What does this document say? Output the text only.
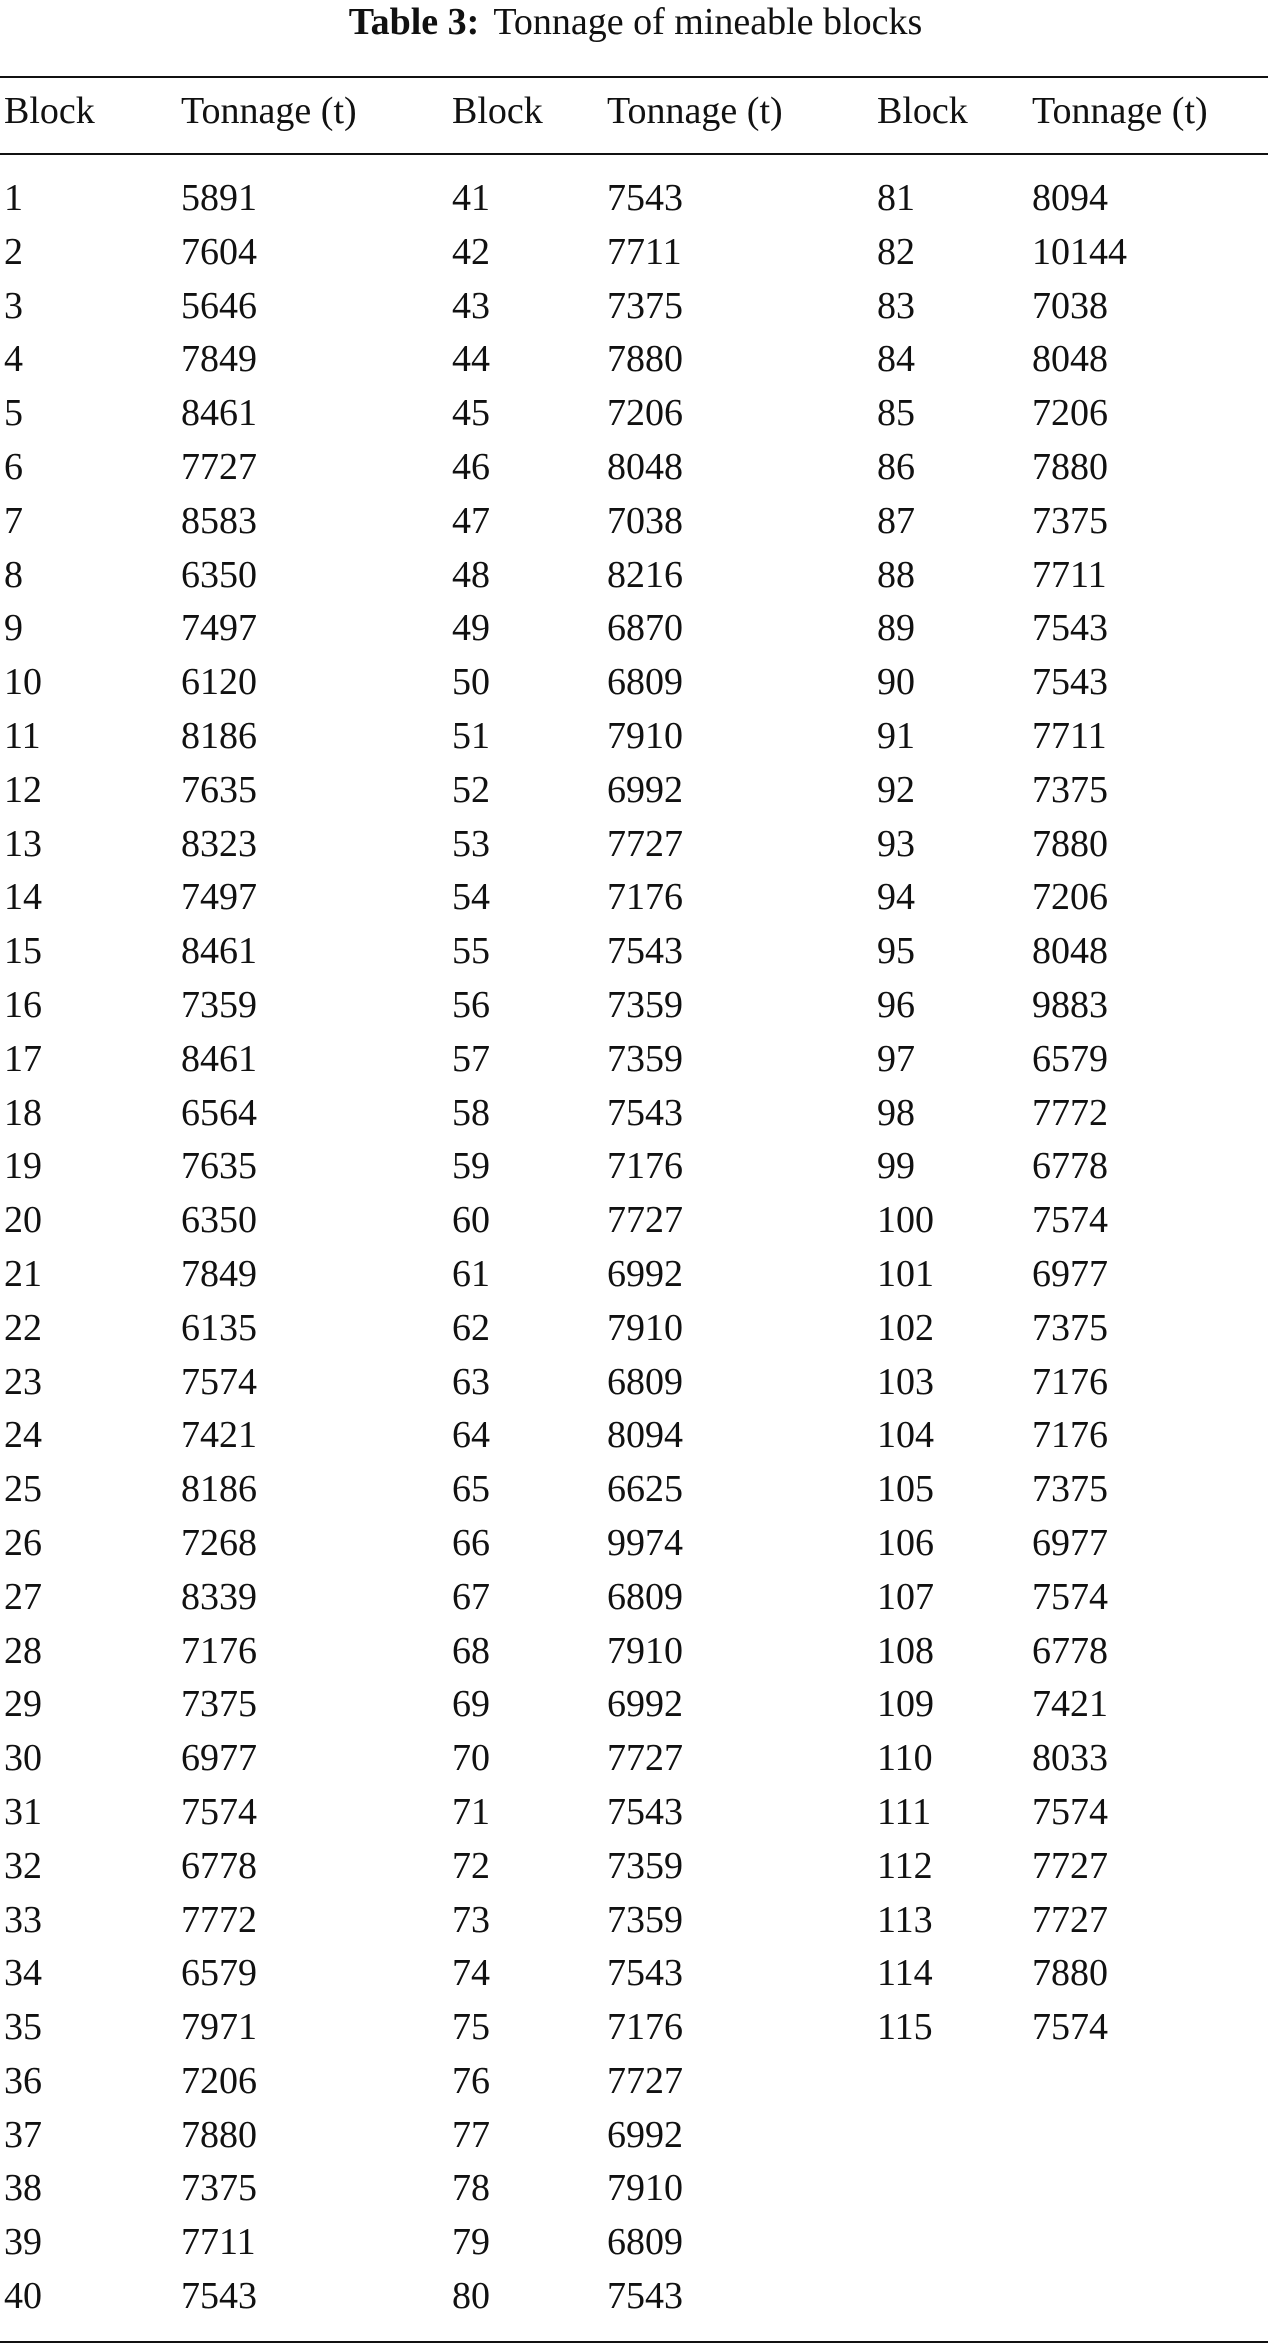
Table 3: Tonnage of mineable blocks
Block Tonnage (t)	Block Tonnage (t) Block Tonnage (t)
1	5891	41	7543	81	8094
2	7604	42	7711	82	10144
3	5646	43	7375	83	7038
4	7849	44	7880	84	8048
5	8461	45	7206	85	7206
6	7727	46	8048	86	7880
7	8583	47	7038	87	7375
8	6350	48	8216	88	7711
9	7497	49	6870	89	7543
10	6120	50	6809	90	7543
11	8186	51	7910	91	7711
12	7635	52	6992	92	7375
13	8323	53	7727	93	7880
14	7497	54	7176	94	7206
15	8461	55	7543	95	8048
16	7359	56	7359	96	9883
17	8461	57	7359	97	6579
18	6564	58	7543	98	7772
19	7635	59	7176	99	6778
20	6350	60	7727	100	7574
21	7849	61	6992	101	6977
22	6135	62	7910	102	7375
23	7574	63	6809	103	7176
24	7421	64	8094	104	7176
25	8186	65	6625	105	7375
26	7268	66	9974	106	6977
27	8339	67	6809	107	7574
28	7176	68	7910	108	6778
29	7375	69	6992	109	7421
30	6977	70	7727	110	8033
31	7574	71	7543	111	7574
32	6778	72	7359	112	7727
33	7772	73	7359	113	7727
34	6579	74	7543	114	7880
35	7971	75	7176	115	7574
36	7206	76	7727
37	7880	77	6992
38	7375	78	7910
39	7711	79	6809
40	7543	80	7543
